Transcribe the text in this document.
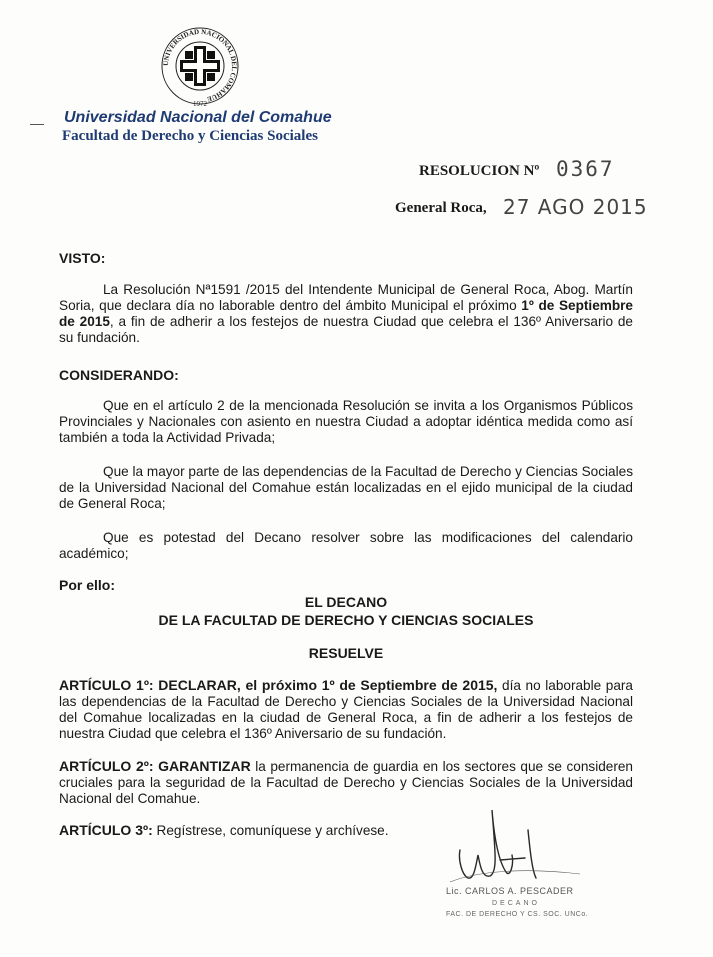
UNIVERSIDAD NACIONAL DEL COMAHUE
1972
Universidad Nacional del Comahue
Facultad de Derecho y Ciencias Sociales
RESOLUCION Nº 0367
General Roca, 27 AGO 2015
VISTO:
La Resolución Nª1591 /2015 del Intendente Municipal de General Roca, Abog. Martín Soria, que declara día no laborable dentro del ámbito Municipal el próximo 1º de Septiembre de 2015, a fin de adherir a los festejos de nuestra Ciudad que celebra el 136º Aniversario de su fundación.
CONSIDERANDO:
Que en el artículo 2 de la mencionada Resolución se invita a los Organismos Públicos Provinciales y Nacionales con asiento en nuestra Ciudad a adoptar idéntica medida como así también a toda la Actividad Privada;
Que la mayor parte de las dependencias de la Facultad de Derecho y Ciencias Sociales de la Universidad Nacional del Comahue están localizadas en el ejido municipal de la ciudad de General Roca;
Que es potestad del Decano resolver sobre las modificaciones del calendario académico;
Por ello:
EL DECANO
DE LA FACULTAD DE DERECHO Y CIENCIAS SOCIALES
RESUELVE
ARTÍCULO 1º: DECLARAR, el próximo 1º de Septiembre de 2015, día no laborable para las dependencias de la Facultad de Derecho y Ciencias Sociales de la Universidad Nacional del Comahue localizadas en la ciudad de General Roca, a fin de adherir a los festejos de nuestra Ciudad que celebra el 136º Aniversario de su fundación.
ARTÍCULO 2º: GARANTIZAR la permanencia de guardia en los sectores que se consideren cruciales para la seguridad de la Facultad de Derecho y Ciencias Sociales de la Universidad Nacional del Comahue.
ARTÍCULO 3º: Regístrese, comuníquese y archívese.
Lic. CARLOS A. PESCADER
DECANO
FAC. DE DERECHO Y CS. SOC. UNCo.
